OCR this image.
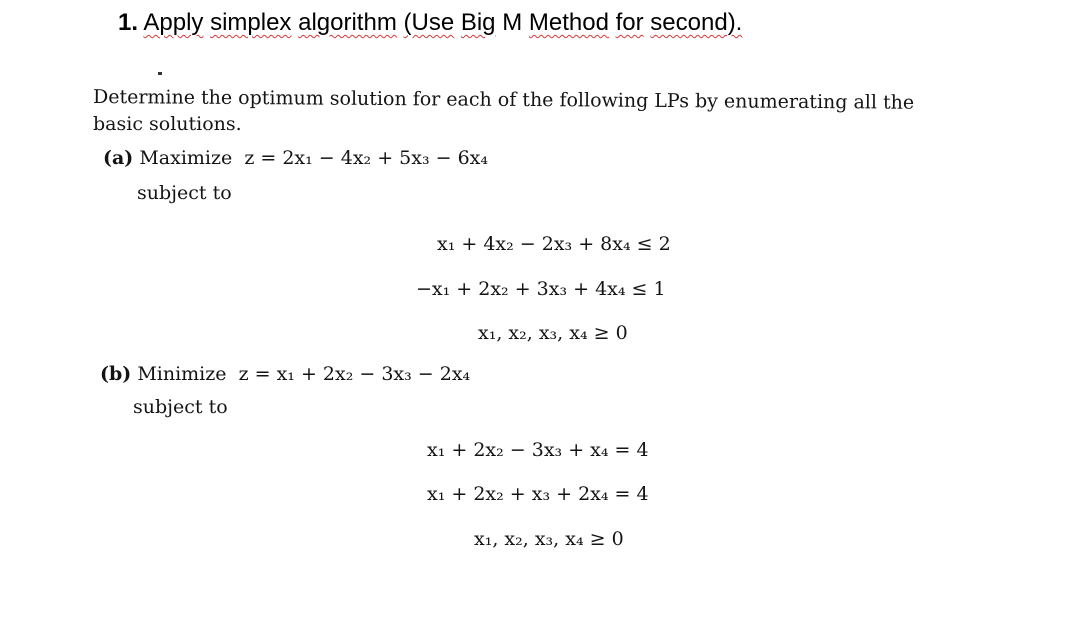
1. Apply simplex algorithm (Use Big M Method for second).
Determine the optimum solution for each of the following LPs by enumerating all the
basic solutions.
(a) Maximize z = 2x₁ − 4x₂ + 5x₃ − 6x₄
subject to
x₁ + 4x₂ − 2x₃ + 8x₄ ≤ 2
−x₁ + 2x₂ + 3x₃ + 4x₄ ≤ 1
x₁, x₂, x₃, x₄ ≥ 0
(b) Minimize z = x₁ + 2x₂ − 3x₃ − 2x₄
subject to
x₁ + 2x₂ − 3x₃ + x₄ = 4
x₁ + 2x₂ + x₃ + 2x₄ = 4
x₁, x₂, x₃, x₄ ≥ 0
